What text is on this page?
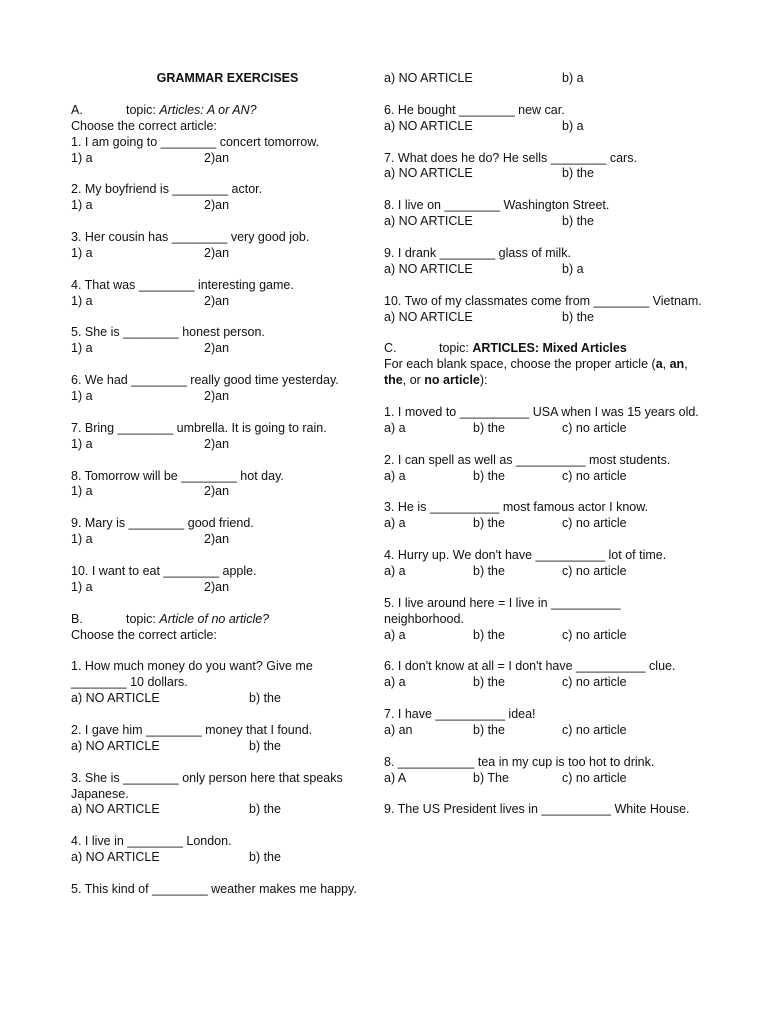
GRAMMAR EXERCISES
A.	topic: Articles: A or AN?
Choose the correct article:
1. I am going to ________ concert tomorrow.
1) a	2)an
2. My boyfriend is ________ actor.
1) a	2)an
3. Her cousin has ________ very good job.
1) a	2)an
4. That was ________ interesting game.
1) a	2)an
5. She is ________ honest person.
1) a	2)an
6. We had ________ really good time yesterday.
1) a	2)an
7. Bring ________ umbrella. It is going to rain.
1) a	2)an
8. Tomorrow will be ________ hot day.
1) a	2)an
9. Mary is ________ good friend.
1) a	2)an
10. I want to eat ________ apple.
1) a	2)an
B.	topic: Article of no article?
Choose the correct article:
1. How much money do you want? Give me ________ 10 dollars.
a) NO ARTICLE	b) the
2. I gave him ________ money that I found.
a) NO ARTICLE	b) the
3. She is ________ only person here that speaks Japanese.
a) NO ARTICLE	b) the
4. I live in ________ London.
a) NO ARTICLE	b) the
5. This kind of ________ weather makes me happy.
a) NO ARTICLE	b) a
6. He bought ________ new car.
a) NO ARTICLE	b) a
7. What does he do? He sells ________ cars.
a) NO ARTICLE	b) the
8. I live on ________ Washington Street.
a) NO ARTICLE	b) the
9. I drank ________ glass of milk.
a) NO ARTICLE	b) a
10. Two of my classmates come from ________ Vietnam.
a) NO ARTICLE	b) the
C.	topic: ARTICLES: Mixed Articles
For each blank space, choose the proper article (a, an, the, or no article):
1. I moved to __________ USA when I was 15 years old.
a) a	b) the	c) no article
2. I can spell as well as __________ most students.
a) a	b) the	c) no article
3. He is __________ most famous actor I know.
a) a	b) the	c) no article
4. Hurry up. We don't have __________ lot of time.
a) a	b) the	c) no article
5. I live around here = I live in __________ neighborhood.
a) a	b) the	c) no article
6. I don't know at all = I don't have __________ clue.
a) a	b) the	c) no article
7. I have __________ idea!
a) an	b) the	c) no article
8. ___________ tea in my cup is too hot to drink.
a) A	b) The	c) no article
9. The US President lives in __________ White House.
